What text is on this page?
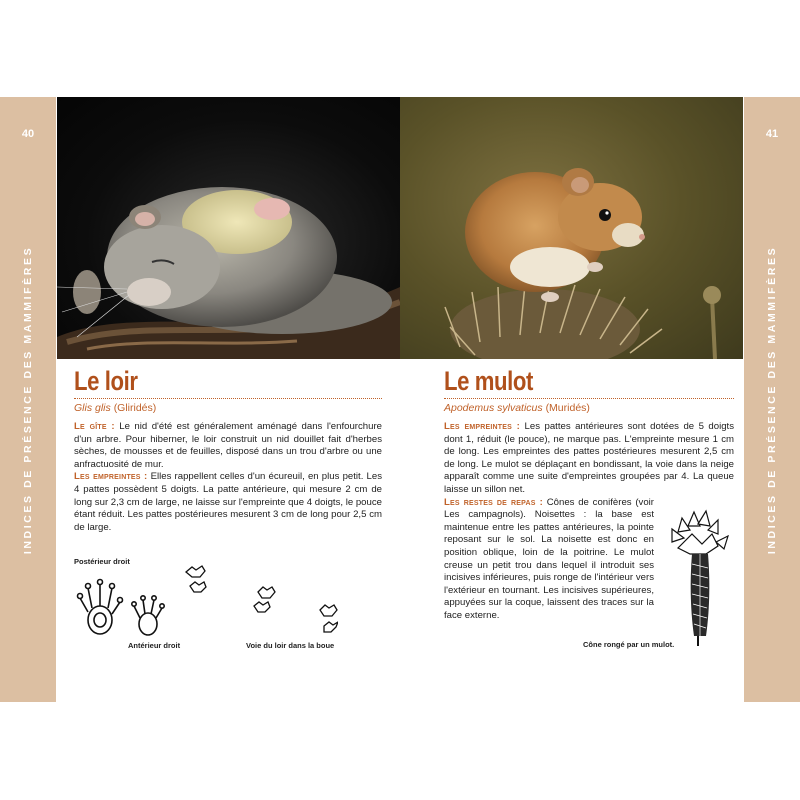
40	41
INDICES DE PRÉSENCE DES MAMMIFÈRES	INDICES DE PRÉSENCE DES MAMMIFÈRES
Le loir
Glis glis (Gliridés)

Le gîte : Le nid d'été est généralement aménagé dans l'enfourchure d'un arbre. Pour hiberner, le loir construit un nid douillet fait d'herbes sèches, de mousses et de feuilles, disposé dans un trou d'arbre ou une anfractuosité de mur.

Les empreintes : Elles rappellent celles d'un écureuil, en plus petit. Les 4 pattes possèdent 5 doigts. La patte antérieure, qui mesure 2 cm de long sur 2,3 cm de large, ne laisse sur l'empreinte que 4 doigts, le pouce étant réduit. Les pattes postérieures mesurent 3 cm de long pour 2,5 cm de large.

Postérieur droit
Antérieur droit	Voie du loir dans la boue
Le mulot
Apodemus sylvaticus (Muridés)

Les empreintes : Les pattes antérieures sont dotées de 5 doigts dont 1, réduit (le pouce), ne marque pas. L'empreinte mesure 1 cm de long. Les empreintes des pattes postérieures mesurent 2,5 cm de long. Le mulot se déplaçant en bondissant, la voie dans la neige apparaît comme une suite d'empreintes groupées par 4. La queue laisse un sillon net.

Les restes de repas : Cônes de conifères (voir Les campagnols). Noisettes : la base est maintenue entre les pattes antérieures, la pointe reposant sur le sol. La noisette est donc en position oblique, loin de la poitrine. Le mulot creuse un petit trou dans lequel il introduit ses incisives inférieures, puis ronge de l'intérieur vers l'extérieur en tournant. Les incisives supérieures, appuyées sur la coque, laissent des traces sur la face externe.

Cône rongé par un mulot.
